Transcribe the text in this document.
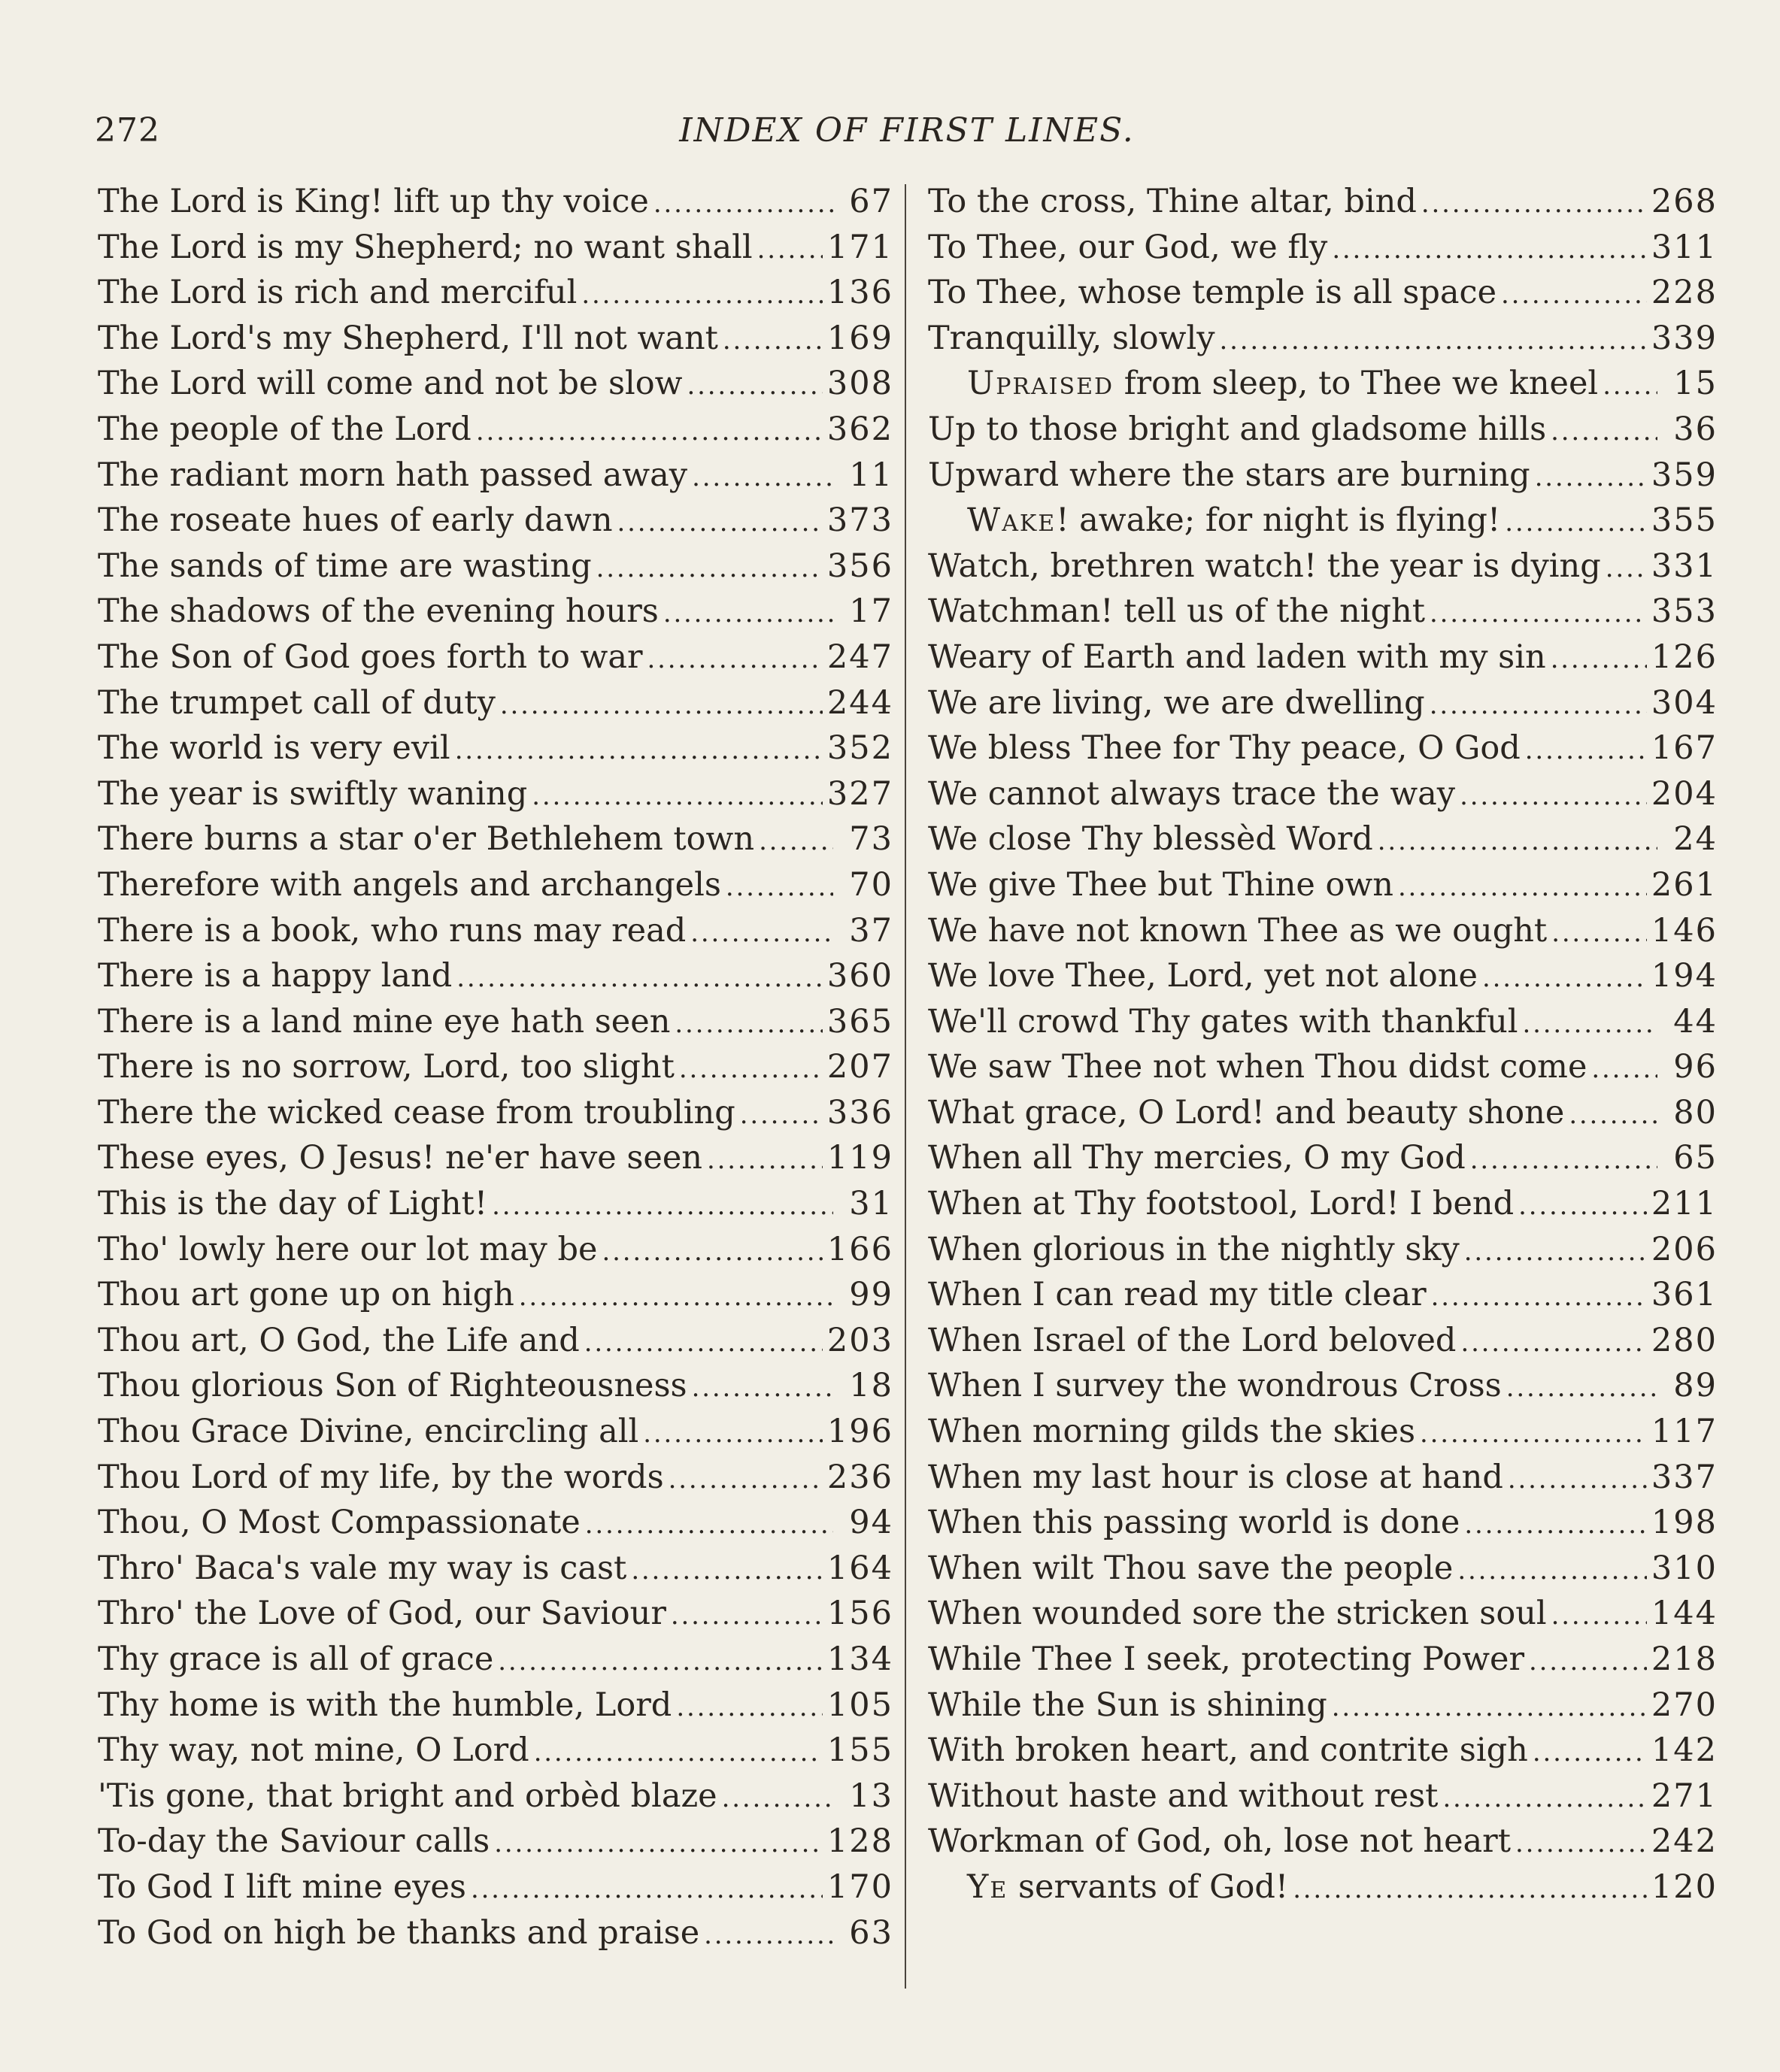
272	INDEX OF FIRST LINES.
The Lord is King! lift up thy voice . . .	67
The Lord is my Shepherd; no want shall . . . 171
The Lord is rich and merciful . . .	136
The Lord's my Shepherd, I'll not want . . .	169
The Lord will come and not be slow . . .	308
The people of the Lord . . .	362
The radiant morn hath passed away . . .	11
The roseate hues of early dawn . . .	373
The sands of time are wasting . . .	356
The shadows of the evening hours . . .	17
The Son of God goes forth to war . . .	247
The trumpet call of duty . . .	244
The world is very evil . . .	352
The year is swiftly waning . . .	327
There burns a star o'er Bethlehem town . . .	73
Therefore with angels and archangels . . .	70
There is a book, who runs may read . . .	37
There is a happy land . . .	360
There is a land mine eye hath seen . . .	365
There is no sorrow, Lord, too slight . . .	207
There the wicked cease from troubling . . .	336
These eyes, O Jesus! ne'er have seen . . .	119
This is the day of Light! . . .	31
Tho' lowly here our lot may be . . .	166
Thou art gone up on high . . .	99
Thou art, O God, the Life and . . .	203
Thou glorious Son of Righteousness . . .	18
Thou Grace Divine, encircling all . . .	196
Thou Lord of my life, by the words . . .	236
Thou, O Most Compassionate . . .	94
Thro' Baca's vale my way is cast . . .	164
Thro' the Love of God, our Saviour . . .	156
Thy grace is all of grace . . .	134
Thy home is with the humble, Lord . . .	105
Thy way, not mine, O Lord . . .	155
'Tis gone, that bright and orbèd blaze . . .	13
To-day the Saviour calls . . .	128
To God I lift mine eyes . . .	170
To God on high be thanks and praise . . .	63
To the cross, Thine altar, bind . . .	268
To Thee, our God, we fly . . .	311
To Thee, whose temple is all space . . .	228
Tranquilly, slowly . . .	339
Upraised from sleep, to Thee we kneel . . .	15
Up to those bright and gladsome hills . . .	36
Upward where the stars are burning . . .	359
Wake! awake; for night is flying! . . .	355
Watch, brethren watch! the year is dying . . . 331
Watchman! tell us of the night . . .	353
Weary of Earth and laden with my sin . . .	126
We are living, we are dwelling . . .	304
We bless Thee for Thy peace, O God . . .	167
We cannot always trace the way . . .	204
We close Thy blessèd Word . . .	24
We give Thee but Thine own . . .	261
We have not known Thee as we ought . . .	146
We love Thee, Lord, yet not alone . . .	194
We'll crowd Thy gates with thankful . . .	44
We saw Thee not when Thou didst come . . .	96
What grace, O Lord! and beauty shone . . .	80
When all Thy mercies, O my God . . .	65
When at Thy footstool, Lord! I bend . . .	211
When glorious in the nightly sky . . .	206
When I can read my title clear . . .	361
When Israel of the Lord beloved . . .	280
When I survey the wondrous Cross . . .	89
When morning gilds the skies . . .	117
When my last hour is close at hand . . .	337
When this passing world is done . . .	198
When wilt Thou save the people . . .	310
When wounded sore the stricken soul . . .	144
While Thee I seek, protecting Power . . .	218
While the Sun is shining . . .	270
With broken heart, and contrite sigh . . .	142
Without haste and without rest . . .	271
Workman of God, oh, lose not heart . . .	242
Ye servants of God! . . .	120
